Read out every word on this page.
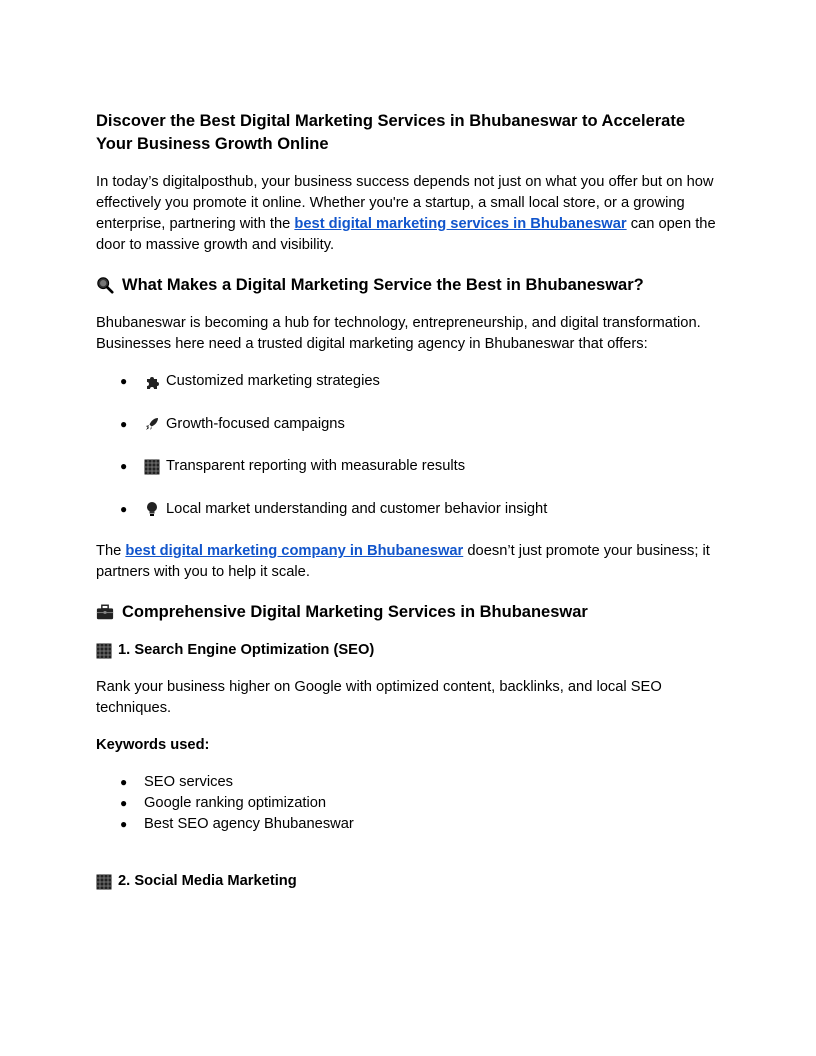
Discover the Best Digital Marketing Services in Bhubaneswar to Accelerate Your Business Growth Online

In today’s digitalposthub, your business success depends not just on what you offer but on how effectively you promote it online. Whether you're a startup, a small local store, or a growing enterprise, partnering with the best digital marketing services in Bhubaneswar can open the door to massive growth and visibility.

What Makes a Digital Marketing Service the Best in Bhubaneswar?

Bhubaneswar is becoming a hub for technology, entrepreneurship, and digital transformation. Businesses here need a trusted digital marketing agency in Bhubaneswar that offers:

●	Customized marketing strategies
●	Growth-focused campaigns
●	Transparent reporting with measurable results
●	Local market understanding and customer behavior insight

The best digital marketing company in Bhubaneswar doesn’t just promote your business; it partners with you to help it scale.

Comprehensive Digital Marketing Services in Bhubaneswar
1. Search Engine Optimization (SEO)

Rank your business higher on Google with optimized content, backlinks, and local SEO techniques.

Keywords used:

●	SEO services
●	Google ranking optimization
●	Best SEO agency Bhubaneswar
2. Social Media Marketing
